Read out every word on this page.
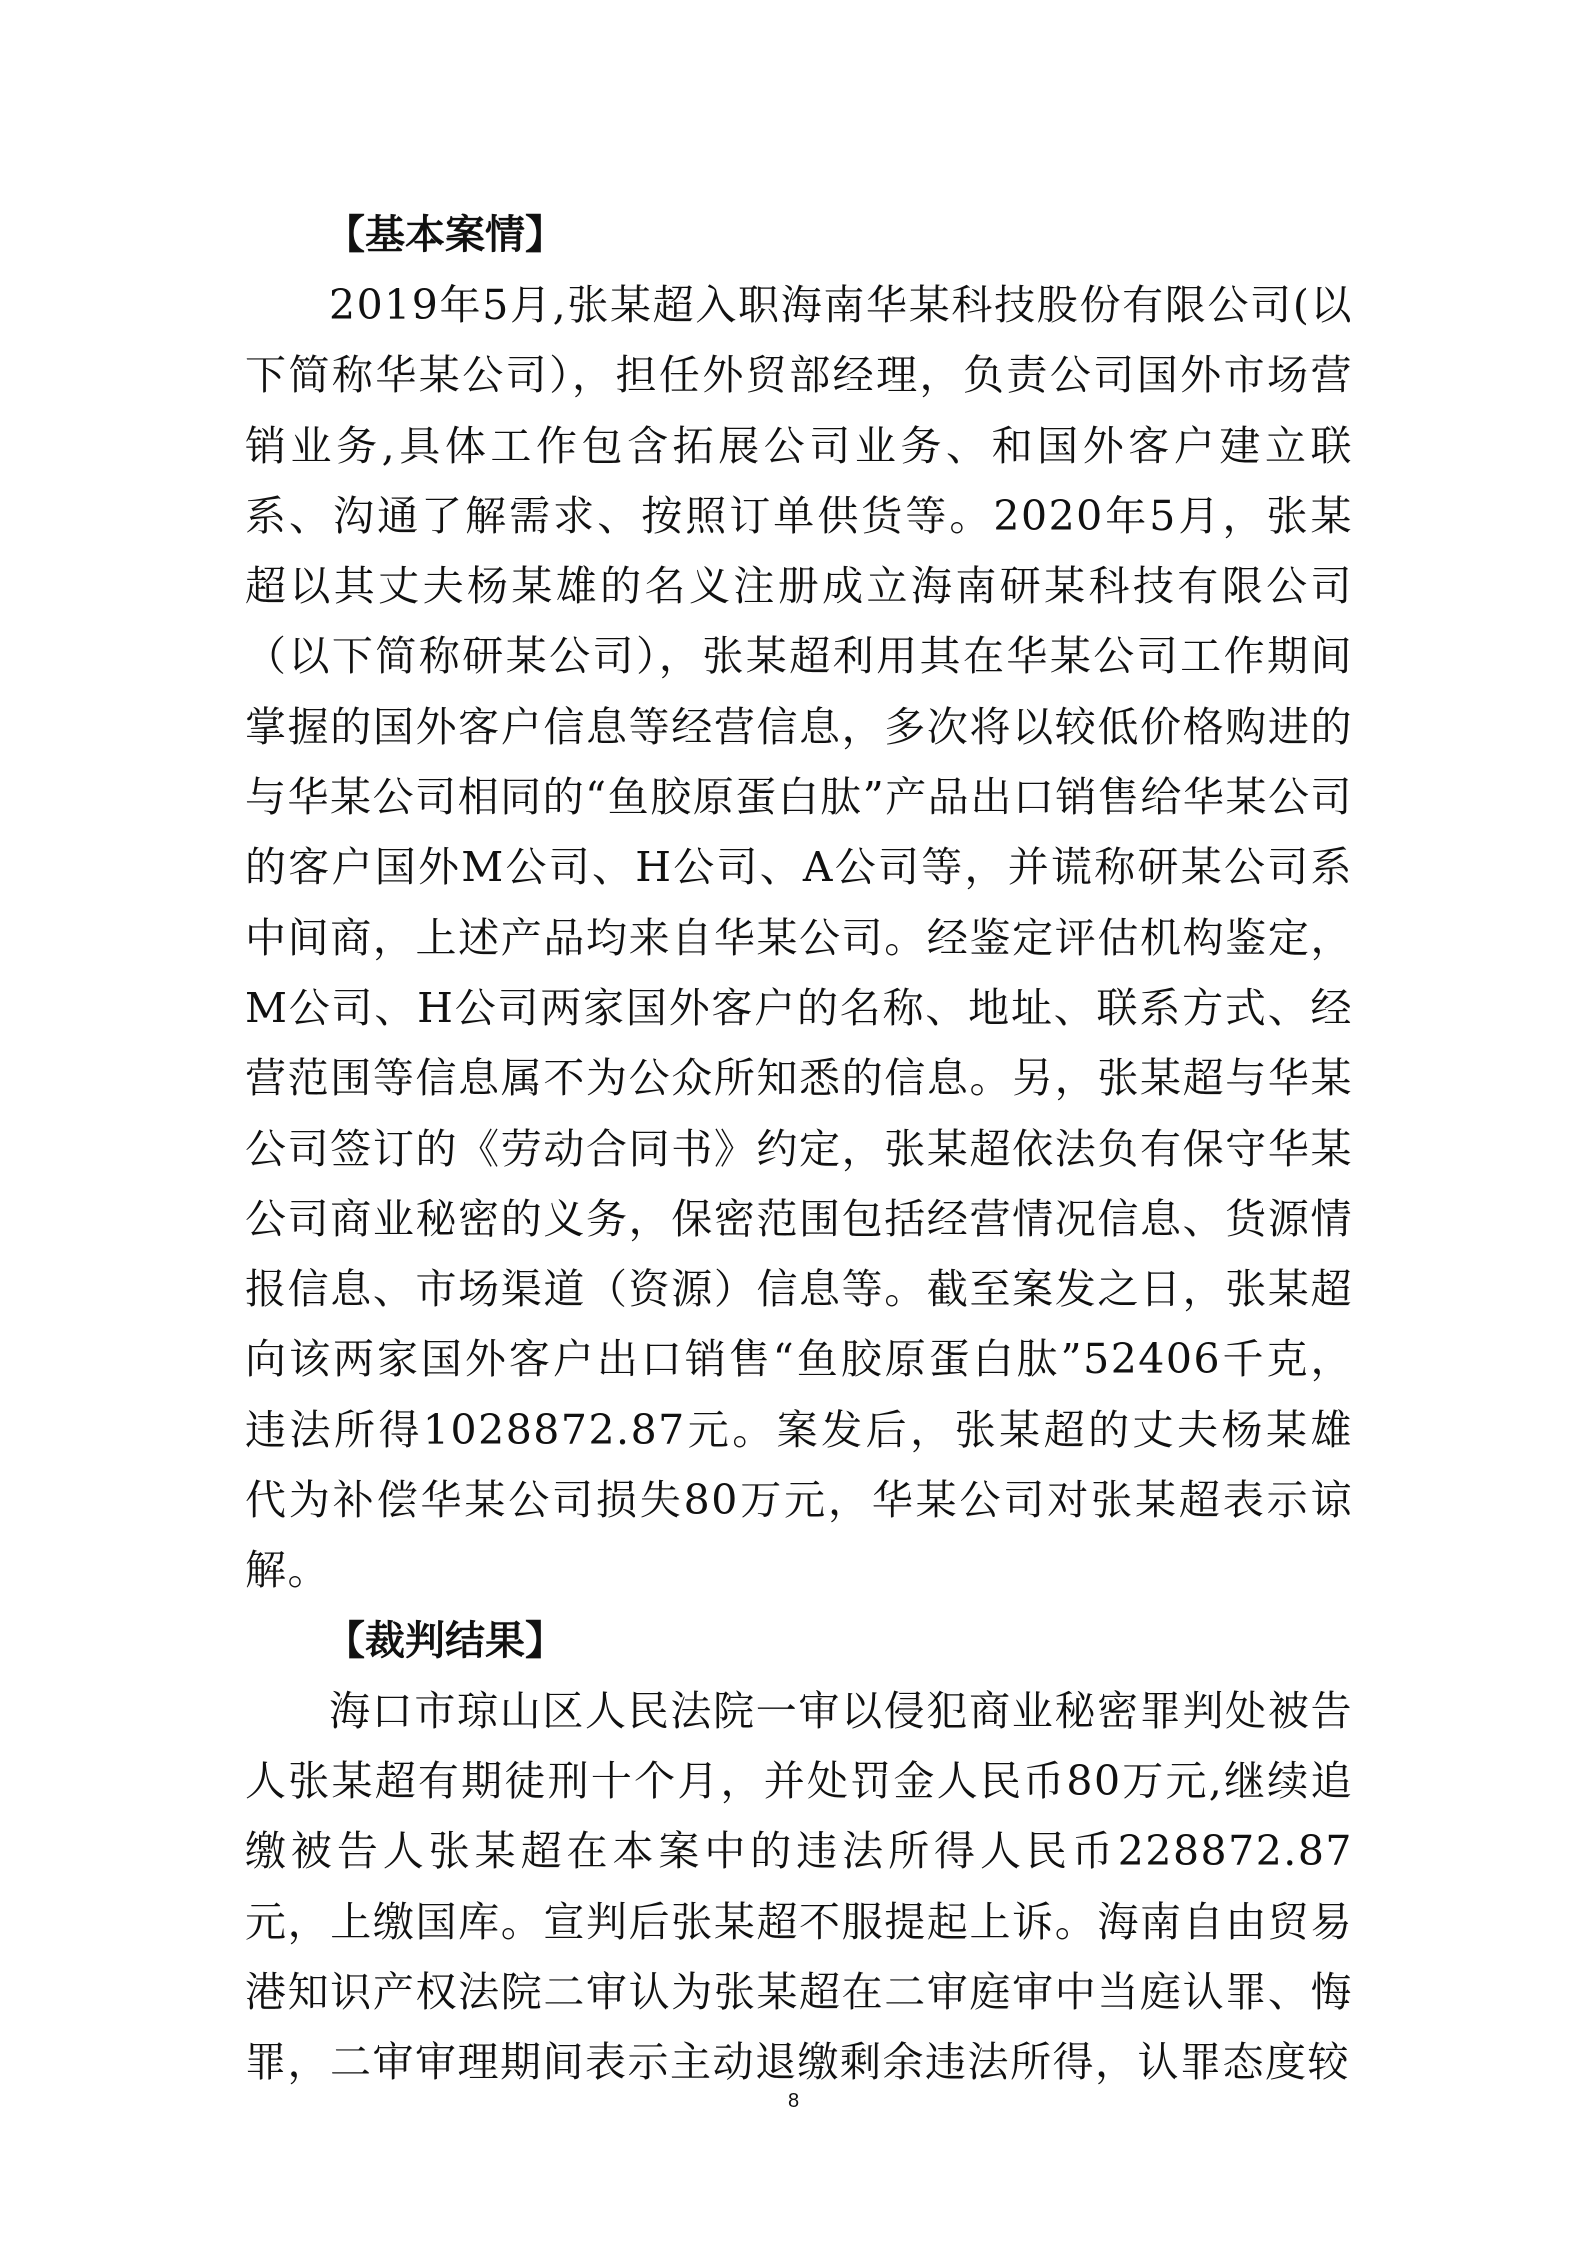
【基本案情】

2019年5月,张某超入职海南华某科技股份有限公司(以下简称华某公司），担任外贸部经理，负责公司国外市场营销业务,具体工作包含拓展公司业务、和国外客户建立联系、沟通了解需求、按照订单供货等。2020年5月，张某超以其丈夫杨某雄的名义注册成立海南研某科技有限公司（以下简称研某公司），张某超利用其在华某公司工作期间掌握的国外客户信息等经营信息，多次将以较低价格购进的与华某公司相同的“鱼胶原蛋白肽”产品出口销售给华某公司的客户国外M公司、H公司、A公司等，并谎称研某公司系中间商，上述产品均来自华某公司。经鉴定评估机构鉴定，M公司、H公司两家国外客户的名称、地址、联系方式、经营范围等信息属不为公众所知悉的信息。另，张某超与华某公司签订的《劳动合同书》约定，张某超依法负有保守华某公司商业秘密的义务，保密范围包括经营情况信息、货源情报信息、市场渠道（资源）信息等。截至案发之日，张某超向该两家国外客户出口销售“鱼胶原蛋白肽”52406千克，违法所得1028872.87元。案发后，张某超的丈夫杨某雄代为补偿华某公司损失80万元，华某公司对张某超表示谅解。

【裁判结果】

海口市琼山区人民法院一审以侵犯商业秘密罪判处被告人张某超有期徒刑十个月，并处罚金人民币80万元,继续追缴被告人张某超在本案中的违法所得人民币228872.87元，上缴国库。宣判后张某超不服提起上诉。海南自由贸易港知识产权法院二审认为张某超在二审庭审中当庭认罪、悔罪，二审审理期间表示主动退缴剩余违法所得，认罪态度较

8
